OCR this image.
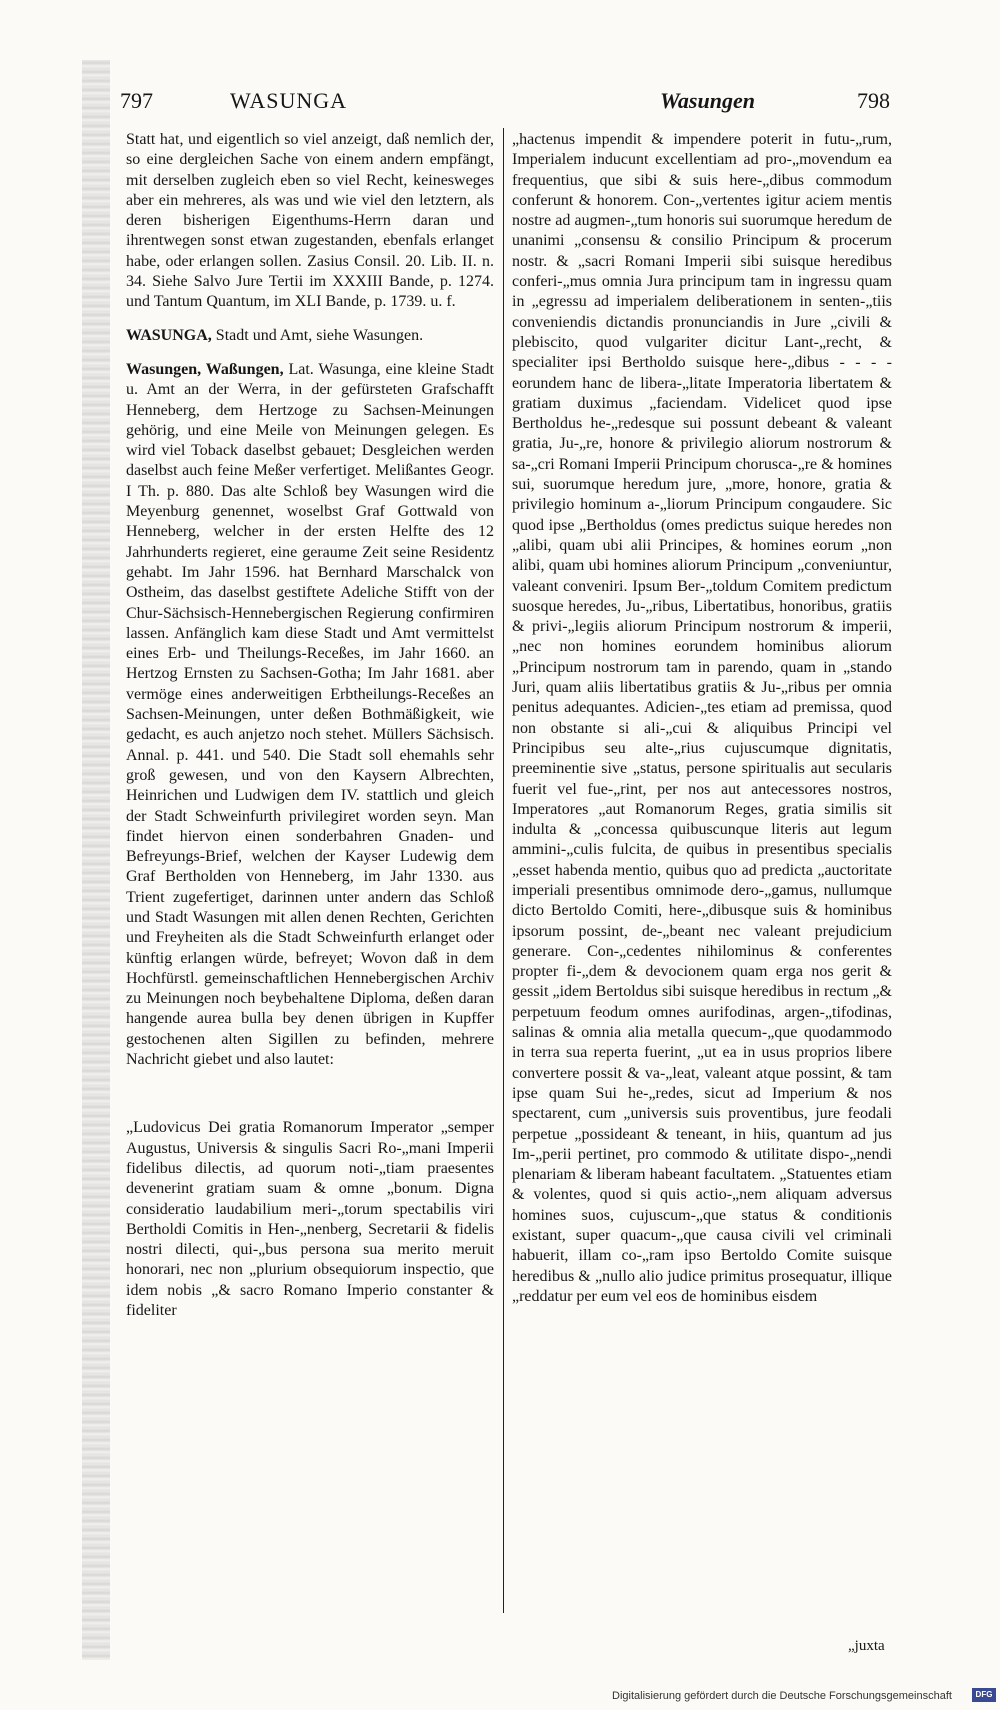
797	WASUNGA	Wasungen	798

Statt hat, und eigentlich so viel anzeigt, daß nemlich der, so eine dergleichen Sache von einem andern empfängt, mit derselben zugleich eben so viel Recht, keinesweges aber ein mehreres, als was und wie viel den letztern, als deren bisherigen Eigenthums-Herrn daran und ihrentwegen sonst etwan zugestanden, ebenfals erlanget habe, oder erlangen sollen. Zasius Consil. 20. Lib. II. n. 34. Siehe Salvo Jure Tertii im XXXIII Bande, p. 1274. und Tantum Quantum, im XLI Bande, p. 1739. u. f.

WASUNGA, Stadt und Amt, siehe Wasungen.

Wasungen, Waßungen, Lat. Wasunga, eine kleine Stadt u. Amt an der Werra, in der gefürsteten Grafschafft Henneberg, dem Hertzoge zu Sachsen-Meinungen gehörig, und eine Meile von Meinungen gelegen. Es wird viel Toback daselbst gebauet; Desgleichen werden daselbst auch feine Meßer verfertiget. Melißantes Geogr. I Th. p. 880. Das alte Schloß bey Wasungen wird die Meyenburg genennet, woselbst Graf Gottwald von Henneberg, welcher in der ersten Helfte des 12 Jahrhunderts regieret, eine geraume Zeit seine Residentz gehabt. Im Jahr 1596. hat Bernhard Marschalck von Ostheim, das daselbst gestiftete Adeliche Stifft von der Chur-Sächsisch-Hennebergischen Regierung confirmiren lassen. Anfänglich kam diese Stadt und Amt vermittelst eines Erb- und Theilungs-Receßes, im Jahr 1660. an Hertzog Ernsten zu Sachsen-Gotha; Im Jahr 1681. aber vermöge eines anderweitigen Erbtheilungs-Receßes an Sachsen-Meinungen, unter deßen Bothmäßigkeit, wie gedacht, es auch anjetzo noch stehet. Müllers Sächsisch. Annal. p. 441. und 540. Die Stadt soll ehemahls sehr groß gewesen, und von den Kaysern Albrechten, Heinrichen und Ludwigen dem IV. stattlich und gleich der Stadt Schweinfurth privilegiret worden seyn. Man findet hiervon einen sonderbahren Gnaden- und Befreyungs-Brief, welchen der Kayser Ludewig dem Graf Bertholden von Henneberg, im Jahr 1330. aus Trient zugefertiget, darinnen unter andern das Schloß und Stadt Wasungen mit allen denen Rechten, Gerichten und Freyheiten als die Stadt Schweinfurth erlanget oder künftig erlangen würde, befreyet; Wovon daß in dem Hochfürstl. gemeinschaftlichen Hennebergischen Archiv zu Meinungen noch beybehaltene Diploma, deßen daran hangende aurea bulla bey denen übrigen in Kupffer gestochenen alten Sigillen zu befinden, mehrere Nachricht giebet und also lautet:

„Ludovicus Dei gratia Romanorum Imperator „semper Augustus, Universis & singulis Sacri Ro-„mani Imperii fidelibus dilectis, ad quorum noti-„tiam praesentes devenerint gratiam suam & omne „bonum. Digna consideratio laudabilium meri-„torum spectabilis viri Bertholdi Comitis in Hen-„nenberg, Secretarii & fidelis nostri dilecti, qui-„bus persona sua merito meruit honorari, nec non „plurium obsequiorum inspectio, que idem nobis „& sacro Romano Imperio constanter & fideliter

„hactenus impendit & impendere poterit in futu-„rum, Imperialem inducunt excellentiam ad pro-„movendum ea frequentius, que sibi & suis here-„dibus commodum conferunt & honorem. Con-„vertentes igitur aciem mentis nostre ad augmen-„tum honoris sui suorumque heredum de unanimi „consensu & consilio Principum & procerum nostr. & „sacri Romani Imperii sibi suisque heredibus conferi-„mus omnia Jura principum tam in ingressu quam in „egressu ad imperialem deliberationem in senten-„tiis conveniendis dictandis pronunciandis in Jure „civili & plebiscito, quod vulgariter dicitur Lant-„recht, & specialiter ipsi Bertholdo suisque here-„dibus - - - - eorundem hanc de libera-„litate Imperatoria libertatem & gratiam duximus „faciendam. Videlicet quod ipse Bertholdus he-„redesque sui possunt debeant & valeant gratia, Ju-„re, honore & privilegio aliorum nostrorum & sa-„cri Romani Imperii Principum chorusca-„re & homines sui, suorumque heredum jure, „more, honore, gratia & privilegio hominum a-„liorum Principum congaudere. Sic quod ipse „Bertholdus (omes predictus suique heredes non „alibi, quam ubi alii Principes, & homines eorum „non alibi, quam ubi homines aliorum Principum „conveniuntur, valeant conveniri. Ipsum Ber-„toldum Comitem predictum suosque heredes, Ju-„ribus, Libertatibus, honoribus, gratiis & privi-„legiis aliorum Principum nostrorum & imperii, „nec non homines eorundem hominibus aliorum „Principum nostrorum tam in parendo, quam in „stando Juri, quam aliis libertatibus gratiis & Ju-„ribus per omnia penitus adequantes. Adicien-„tes etiam ad premissa, quod non obstante si ali-„cui & aliquibus Principi vel Principibus seu alte-„rius cujuscumque dignitatis, preeminentie sive „status, persone spiritualis aut secularis fuerit vel fue-„rint, per nos aut antecessores nostros, Imperatores „aut Romanorum Reges, gratia similis sit indulta & „concessa quibuscunque literis aut legum ammini-„culis fulcita, de quibus in presentibus specialis „esset habenda mentio, quibus quo ad predicta „auctoritate imperiali presentibus omnimode dero-„gamus, nullumque dicto Bertoldo Comiti, here-„dibusque suis & hominibus ipsorum possint, de-„beant nec valeant prejudicium generare. Con-„cedentes nihilominus & conferentes propter fi-„dem & devocionem quam erga nos gerit & gessit „idem Bertoldus sibi suisque heredibus in rectum „& perpetuum feodum omnes aurifodinas, argen-„tifodinas, salinas & omnia alia metalla quecum-„que quodammodo in terra sua reperta fuerint, „ut ea in usus proprios libere convertere possit & va-„leat, valeant atque possint, & tam ipse quam Sui he-„redes, sicut ad Imperium & nos spectarent, cum „universis suis proventibus, jure feodali perpetue „possideant & teneant, in hiis, quantum ad jus Im-„perii pertinet, pro commodo & utilitate dispo-„nendi plenariam & liberam habeant facultatem. „Statuentes etiam & volentes, quod si quis actio-„nem aliquam adversus homines suos, cujuscum-„que status & conditionis existant, super quacum-„que causa civili vel criminali habuerit, illam co-„ram ipso Bertoldo Comite suisque heredibus & „nullo alio judice primitus prosequatur, illique „reddatur per eum vel eos de hominibus eisdem

„juxta
Digitalisierung gefördert durch die Deutsche Forschungsgemeinschaft	DFG
